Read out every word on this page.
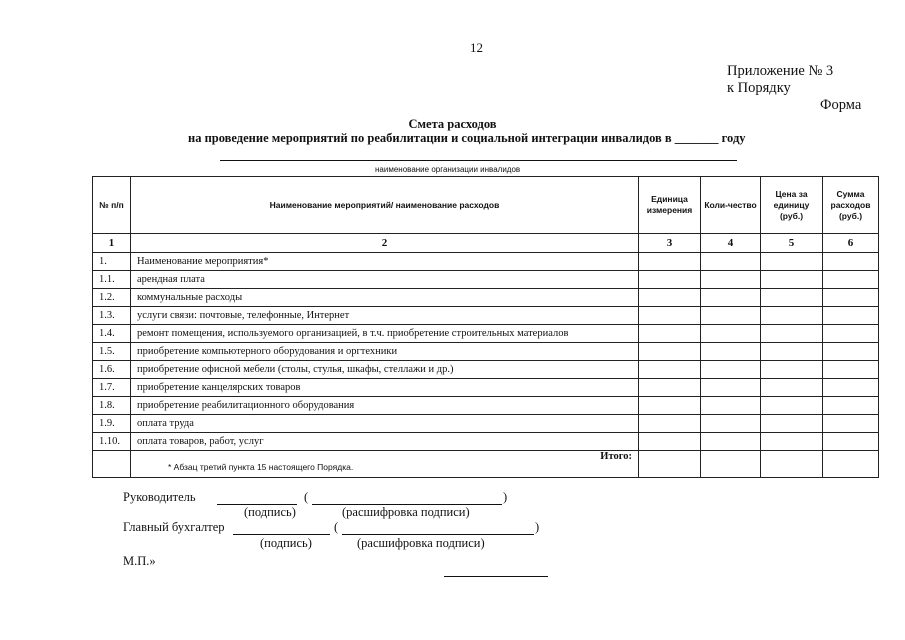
12
Приложение № 3
к Порядку
Форма
Смета расходов
на проведение мероприятий по реабилитации и социальной интеграции инвалидов в _______ году
наименование организации инвалидов
№ п/п	Наименование мероприятий/ наименование расходов	Единица измерения	Коли-чество	Цена за единицу (руб.)	Сумма расходов (руб.)
1	2	3	4	5	6
1.	Наименование мероприятия*				
1.1.	арендная плата				
1.2.	коммунальные расходы				
1.3.	услуги связи: почтовые, телефонные, Интернет				
1.4.	ремонт помещения, используемого организацией, в т.ч. приобретение строительных материалов				
1.5.	приобретение компьютерного оборудования и оргтехники				
1.6.	приобретение офисной мебели (столы, стулья, шкафы, стеллажи и др.)				
1.7.	приобретение канцелярских товаров				
1.8.	приобретение реабилитационного оборудования				
1.9.	оплата труда				
1.10.	оплата товаров, работ, услуг				
	Итого:				
* Абзац третий пункта 15 настоящего Порядка.
Руководитель	(	)
(подпись)	(расшифровка подписи)
Главный бухгалтер	(	)
(подпись)	(расшифровка подписи)
М.П.»
